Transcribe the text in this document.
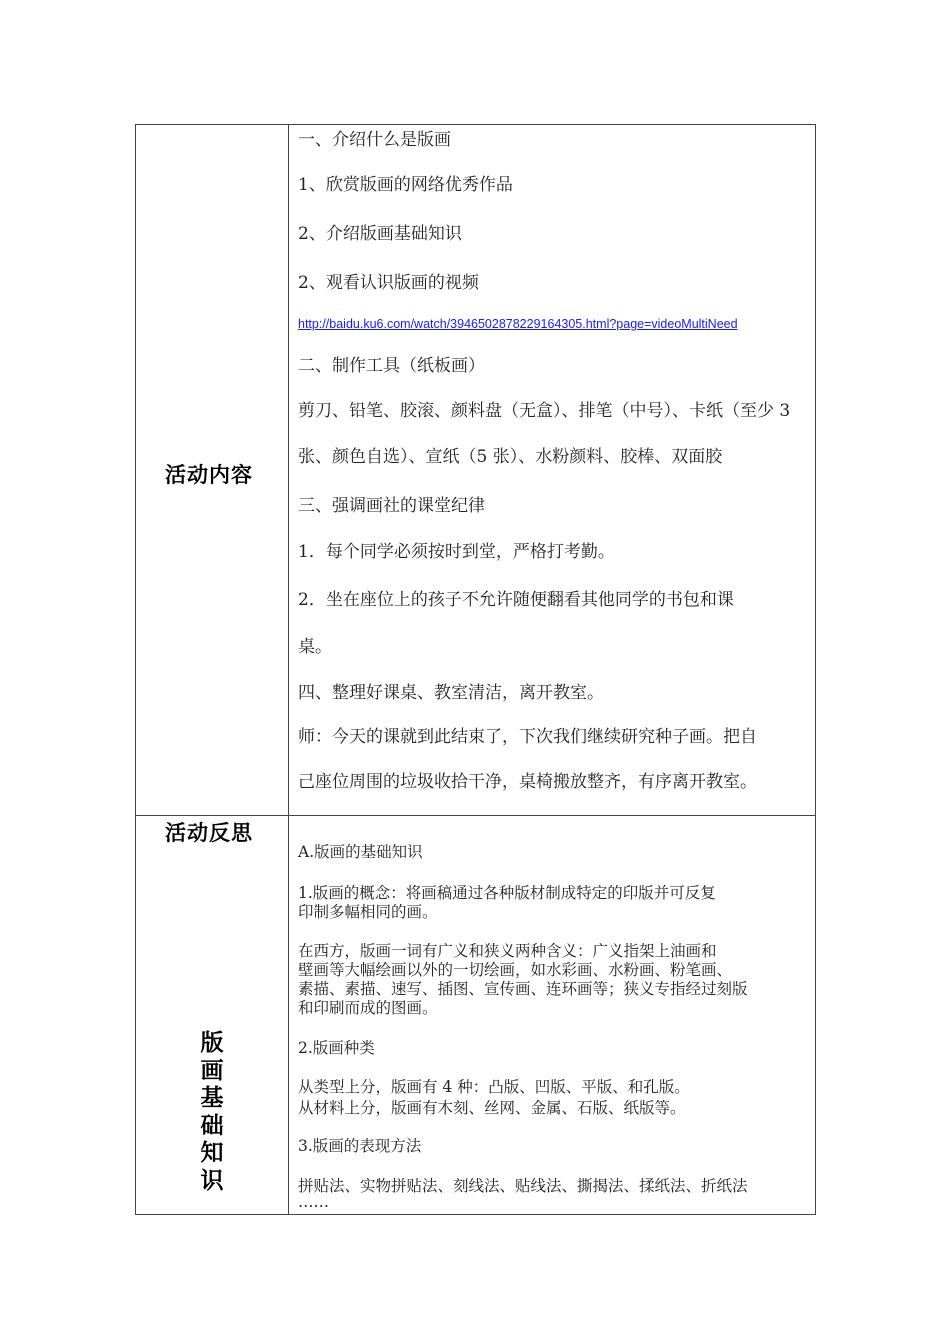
活动内容
一、介绍什么是版画
1、欣赏版画的网络优秀作品
2、介绍版画基础知识
2、观看认识版画的视频
http://baidu.ku6.com/watch/3946502878229164305.html?page=videoMultiNeed
二、制作工具（纸板画）
剪刀、铅笔、胶滚、颜料盘（无盒）、排笔（中号）、卡纸（至少 3
张、颜色自选）、宣纸（5 张）、水粉颜料、胶棒、双面胶
三、强调画社的课堂纪律
1．每个同学必须按时到堂，严格打考勤。
2．坐在座位上的孩子不允许随便翻看其他同学的书包和课
桌。
四、整理好课桌、教室清洁，离开教室。
师：今天的课就到此结束了，下次我们继续研究种子画。把自
己座位周围的垃圾收拾干净，桌椅搬放整齐，有序离开教室。
活动反思
版画基础知识
A.版画的基础知识
1.版画的概念：将画稿通过各种版材制成特定的印版并可反复
印制多幅相同的画。
在西方，版画一词有广义和狭义两种含义：广义指架上油画和
壁画等大幅绘画以外的一切绘画，如水彩画、水粉画、粉笔画、
素描、素描、速写、插图、宣传画、连环画等；狭义专指经过刻版
和印刷而成的图画。
2.版画种类
从类型上分，版画有 4 种：凸版、凹版、平版、和孔版。
从材料上分，版画有木刻、丝网、金属、石版、纸版等。
3.版画的表现方法
拼贴法、实物拼贴法、刻线法、贴线法、撕揭法、揉纸法、折纸法
……
